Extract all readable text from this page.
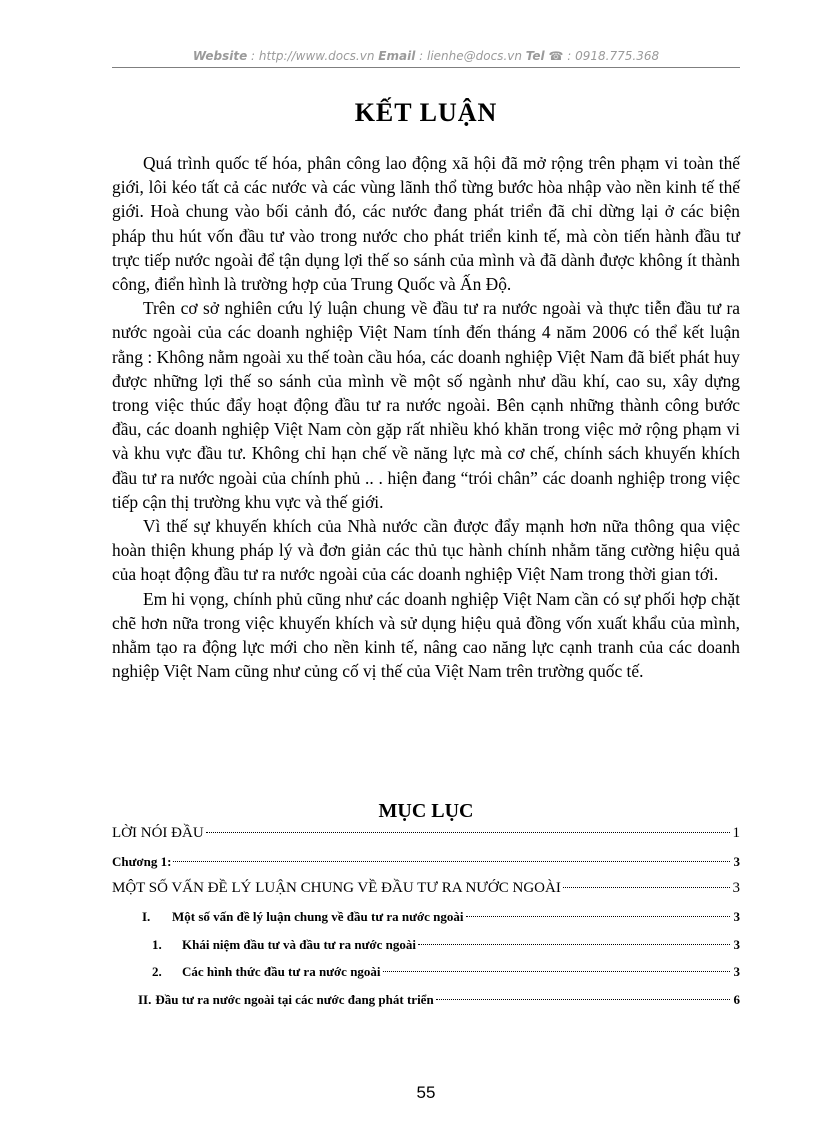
Website : http://www.docs.vn Email : lienhe@docs.vn Tel ☎ : 0918.775.368
KẾT LUẬN

Quá trình quốc tế hóa, phân công lao động xã hội đã mở rộng trên phạm vi toàn thế giới, lôi kéo tất cả các nước và các vùng lãnh thổ từng bước hòa nhập vào nền kinh tế thế giới. Hoà chung vào bối cảnh đó, các nước đang phát triển đã chỉ dừng lại ở các biện pháp thu hút vốn đầu tư vào trong nước cho phát triển kinh tế, mà còn tiến hành đầu tư trực tiếp nước ngoài để tận dụng lợi thế so sánh của mình và đã dành được không ít thành công, điển hình là trường hợp của Trung Quốc và Ấn Độ.

Trên cơ sở nghiên cứu lý luận chung về đầu tư ra nước ngoài và thực tiễn đầu tư ra nước ngoài của các doanh nghiệp Việt Nam tính đến tháng 4 năm 2006 có thể kết luận rằng : Không nằm ngoài xu thế toàn cầu hóa, các doanh nghiệp Việt Nam đã biết phát huy được những lợi thế so sánh của mình về một số ngành như dầu khí, cao su, xây dựng trong việc thúc đẩy hoạt động đầu tư ra nước ngoài. Bên cạnh những thành công bước đầu, các doanh nghiệp Việt Nam còn gặp rất nhiều khó khăn trong việc mở rộng phạm vi và khu vực đầu tư. Không chỉ hạn chế về năng lực mà cơ chế, chính sách khuyến khích đầu tư ra nước ngoài của chính phủ .. . hiện đang “trói chân” các doanh nghiệp trong việc tiếp cận thị trường khu vực và thế giới.

Vì thế sự khuyến khích của Nhà nước cần được đẩy mạnh hơn nữa thông qua việc hoàn thiện khung pháp lý và đơn giản các thủ tục hành chính nhằm tăng cường hiệu quả của hoạt động đầu tư ra nước ngoài của các doanh nghiệp Việt Nam trong thời gian tới.

Em hi vọng, chính phủ cũng như các doanh nghiệp Việt Nam cần có sự phối hợp chặt chẽ hơn nữa trong việc khuyến khích và sử dụng hiệu quả đồng vốn xuất khẩu của mình, nhằm tạo ra động lực mới cho nền kinh tế, nâng cao năng lực cạnh tranh của các doanh nghiệp Việt Nam cũng như củng cố vị thế của Việt Nam trên trường quốc tế.

MỤC LỤC
LỜI NÓI ĐẦU	1
Chương 1:	3
MỘT SỐ VẤN ĐỀ LÝ LUẬN CHUNG VỀ ĐẦU TƯ RA NƯỚC NGOÀI	3
I.	Một số vấn đề lý luận chung về đầu tư ra nước ngoài	3
1.	Khái niệm đầu tư và đầu tư ra nước ngoài	3
2.	Các hình thức đầu tư ra nước ngoài	3
II. Đầu tư ra nước ngoài tại các nước đang phát triển	6
55
